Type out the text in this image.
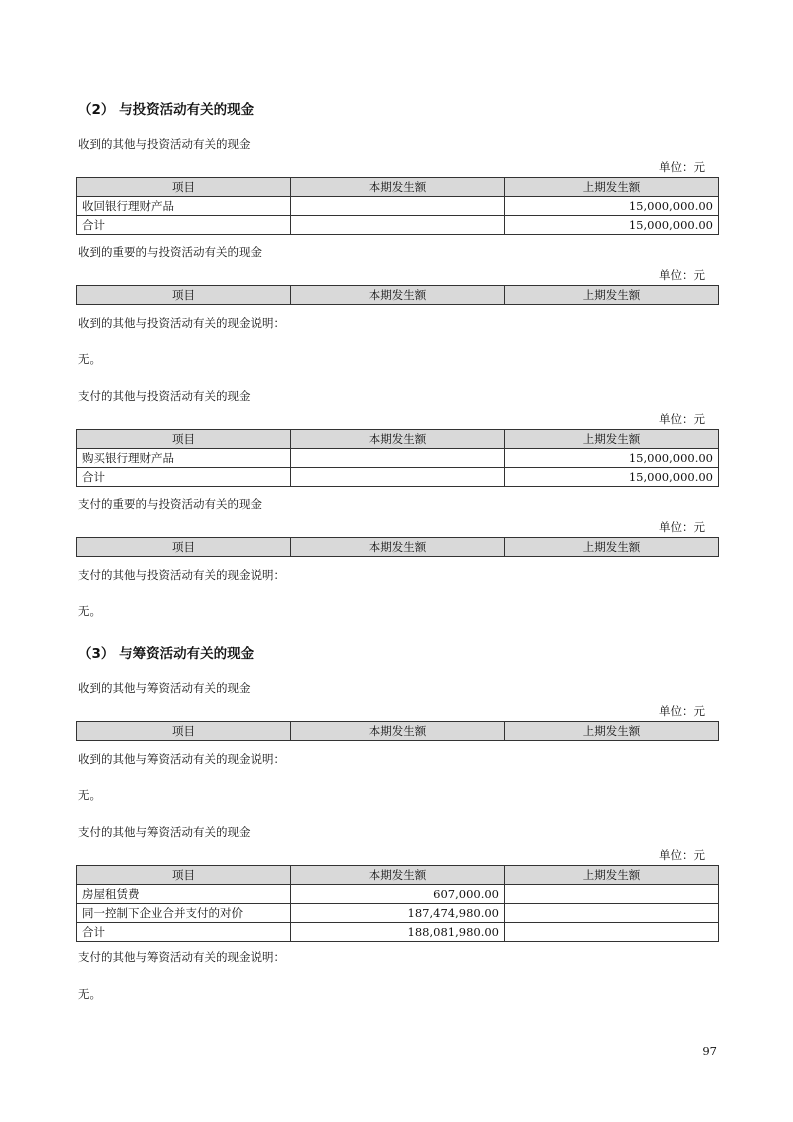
（2） 与投资活动有关的现金
收到的其他与投资活动有关的现金
单位：元
项目	本期发生额	上期发生额
收回银行理财产品		15,000,000.00
合计		15,000,000.00
收到的重要的与投资活动有关的现金
单位：元
项目	本期发生额	上期发生额
收到的其他与投资活动有关的现金说明：
无。
支付的其他与投资活动有关的现金
单位：元
项目	本期发生额	上期发生额
购买银行理财产品		15,000,000.00
合计		15,000,000.00
支付的重要的与投资活动有关的现金
单位：元
项目	本期发生额	上期发生额
支付的其他与投资活动有关的现金说明：
无。
（3） 与筹资活动有关的现金
收到的其他与筹资活动有关的现金
单位：元
项目	本期发生额	上期发生额
收到的其他与筹资活动有关的现金说明：
无。
支付的其他与筹资活动有关的现金
单位：元
项目	本期发生额	上期发生额
房屋租赁费	607,000.00	
同一控制下企业合并支付的对价	187,474,980.00	
合计	188,081,980.00	
支付的其他与筹资活动有关的现金说明：
无。
97
